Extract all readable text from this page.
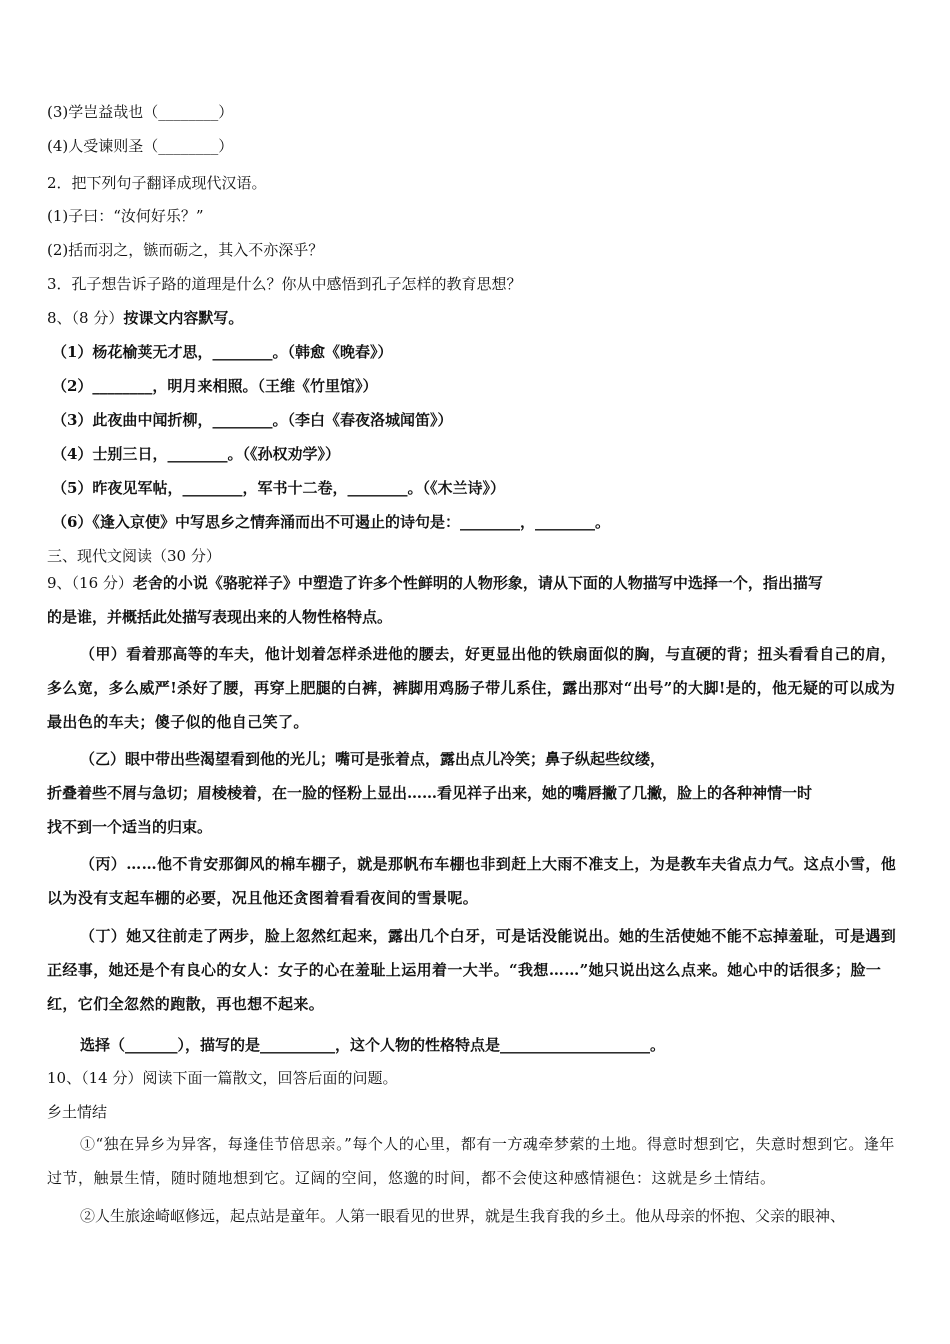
(3)学岂益哉也（________）
(4)人受谏则圣（________）
2．把下列句子翻译成现代汉语。
(1)子曰：“汝何好乐？”
(2)括而羽之，镞而砺之，其入不亦深乎？
3．孔子想告诉子路的道理是什么？你从中感悟到孔子怎样的教育思想？
8、（8 分）按课文内容默写。
（1）杨花榆荚无才思，________。（韩愈《晚春》）
（2）________，明月来相照。（王维《竹里馆》）
（3）此夜曲中闻折柳，________。（李白《春夜洛城闻笛》）
（4）士别三日，________。（《孙权劝学》）
（5）昨夜见军帖，________，军书十二卷，________。（《木兰诗》）
（6）《逢入京使》中写思乡之情奔涌而出不可遏止的诗句是：________，________。
三、现代文阅读（30 分）
9、（16 分）老舍的小说《骆驼祥子》中塑造了许多个性鲜明的人物形象，请从下面的人物描写中选择一个，指出描写
的是谁，并概括此处描写表现出来的人物性格特点。
（甲）看着那高等的车夫，他计划着怎样杀进他的腰去，好更显出他的铁扇面似的胸，与直硬的背；扭头看看自己的肩，多么宽，多么威严!杀好了腰，再穿上肥腿的白裤，裤脚用鸡肠子带儿系住，露出那对“出号”的大脚!是的，他无疑的可以成为最出色的车夫；傻子似的他自己笑了。
（乙）眼中带出些渴望看到他的光儿；嘴可是张着点，露出点儿冷笑；鼻子纵起些纹缕，
折叠着些不屑与急切；眉棱棱着，在一脸的怪粉上显出……看见祥子出来，她的嘴唇撇了几撇，脸上的各种神情一时
找不到一个适当的归束。
（丙）……他不肯安那御风的棉车棚子，就是那帆布车棚也非到赶上大雨不准支上，为是教车夫省点力气。这点小雪，他以为没有支起车棚的必要，况且他还贪图着看看夜间的雪景呢。
（丁）她又往前走了两步，脸上忽然红起来，露出几个白牙，可是话没能说出。她的生活使她不能不忘掉羞耻，可是遇到正经事，她还是个有良心的女人：女子的心在羞耻上运用着一大半。“我想……”她只说出这么点来。她心中的话很多；脸一红，它们全忽然的跑散，再也想不起来。
选择（_______），描写的是__________，这个人物的性格特点是____________________。
10、（14 分）阅读下面一篇散文，回答后面的问题。
乡土情结
①“独在异乡为异客，每逢佳节倍思亲。”每个人的心里，都有一方魂牵梦萦的土地。得意时想到它，失意时想到它。逢年过节，触景生情，随时随地想到它。辽阔的空间，悠邈的时间，都不会使这种感情褪色：这就是乡土情结。
②人生旅途崎岖修远，起点站是童年。人第一眼看见的世界，就是生我育我的乡土。他从母亲的怀抱、父亲的眼神、
